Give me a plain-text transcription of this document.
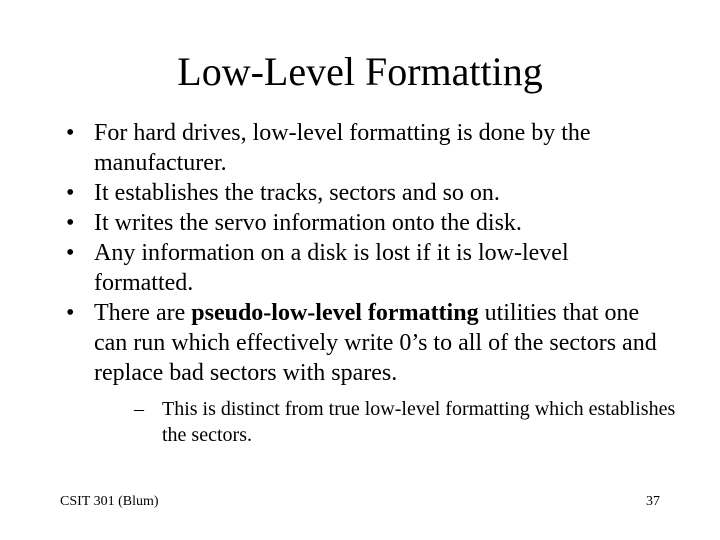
Low-Level Formatting
• For hard drives, low-level formatting is done by the manufacturer.
• It establishes the tracks, sectors and so on.
• It writes the servo information onto the disk.
• Any information on a disk is lost if it is low-level formatted.
• There are pseudo-low-level formatting utilities that one can run which effectively write 0’s to all of the sectors and replace bad sectors with spares.
– This is distinct from true low-level formatting which establishes the sectors.
CSIT 301 (Blum)	37
